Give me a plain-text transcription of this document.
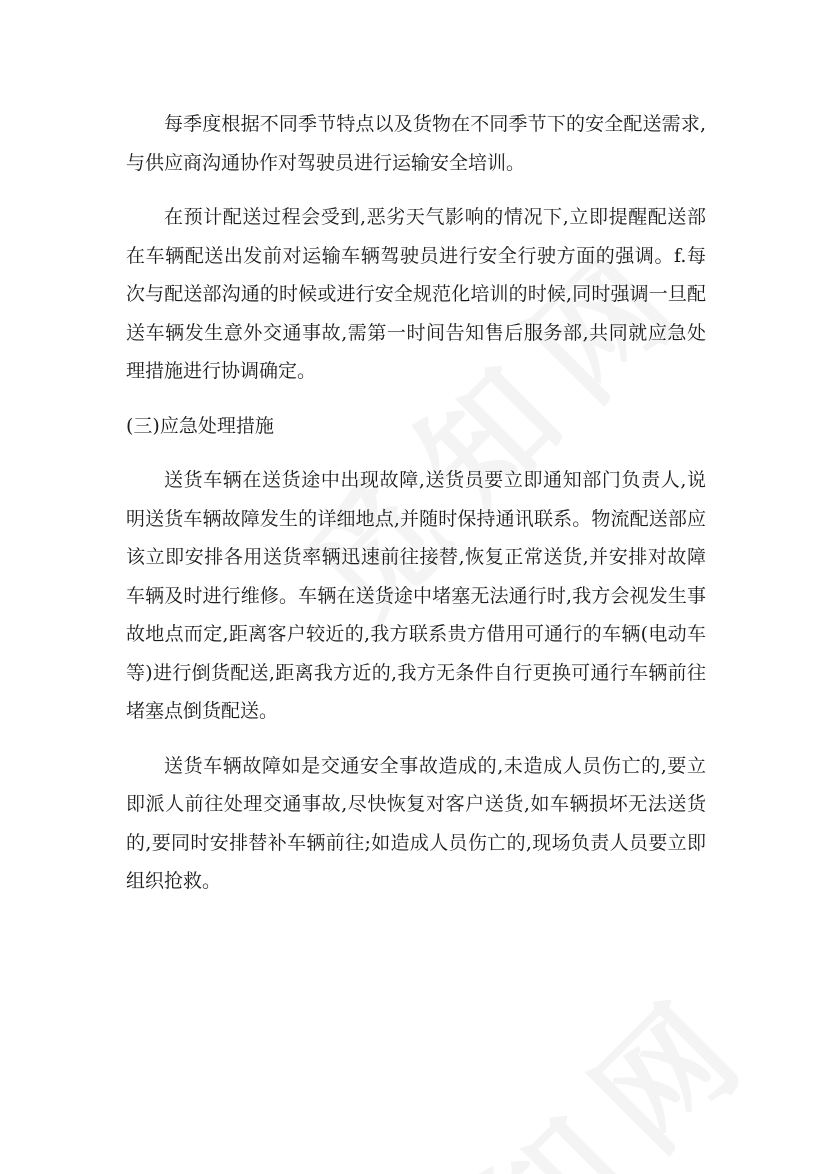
每季度根据不同季节特点以及货物在不同季节下的安全配送需求,与供应商沟通协作对驾驶员进行运输安全培训。

在预计配送过程会受到,恶劣天气影响的情况下,立即提醒配送部在车辆配送出发前对运输车辆驾驶员进行安全行驶方面的强调。f.每次与配送部沟通的时候或进行安全规范化培训的时候,同时强调一旦配送车辆发生意外交通事故,需第一时间告知售后服务部,共同就应急处理措施进行协调确定。

(三)应急处理措施

送货车辆在送货途中出现故障,送货员要立即通知部门负责人,说明送货车辆故障发生的详细地点,并随时保持通讯联系。物流配送部应该立即安排各用送货率辆迅速前往接替,恢复正常送货,并安排对故障车辆及时进行维修。车辆在送货途中堵塞无法通行时,我方会视发生事故地点而定,距离客户较近的,我方联系贵方借用可通行的车辆(电动车等)进行倒货配送,距离我方近的,我方无条件自行更换可通行车辆前往堵塞点倒货配送。

送货车辆故障如是交通安全事故造成的,未造成人员伤亡的,要立即派人前往处理交通事故,尽快恢复对客户送货,如车辆损坏无法送货的,要同时安排替补车辆前往;如造成人员伤亡的,现场负责人员要立即组织抢救。
